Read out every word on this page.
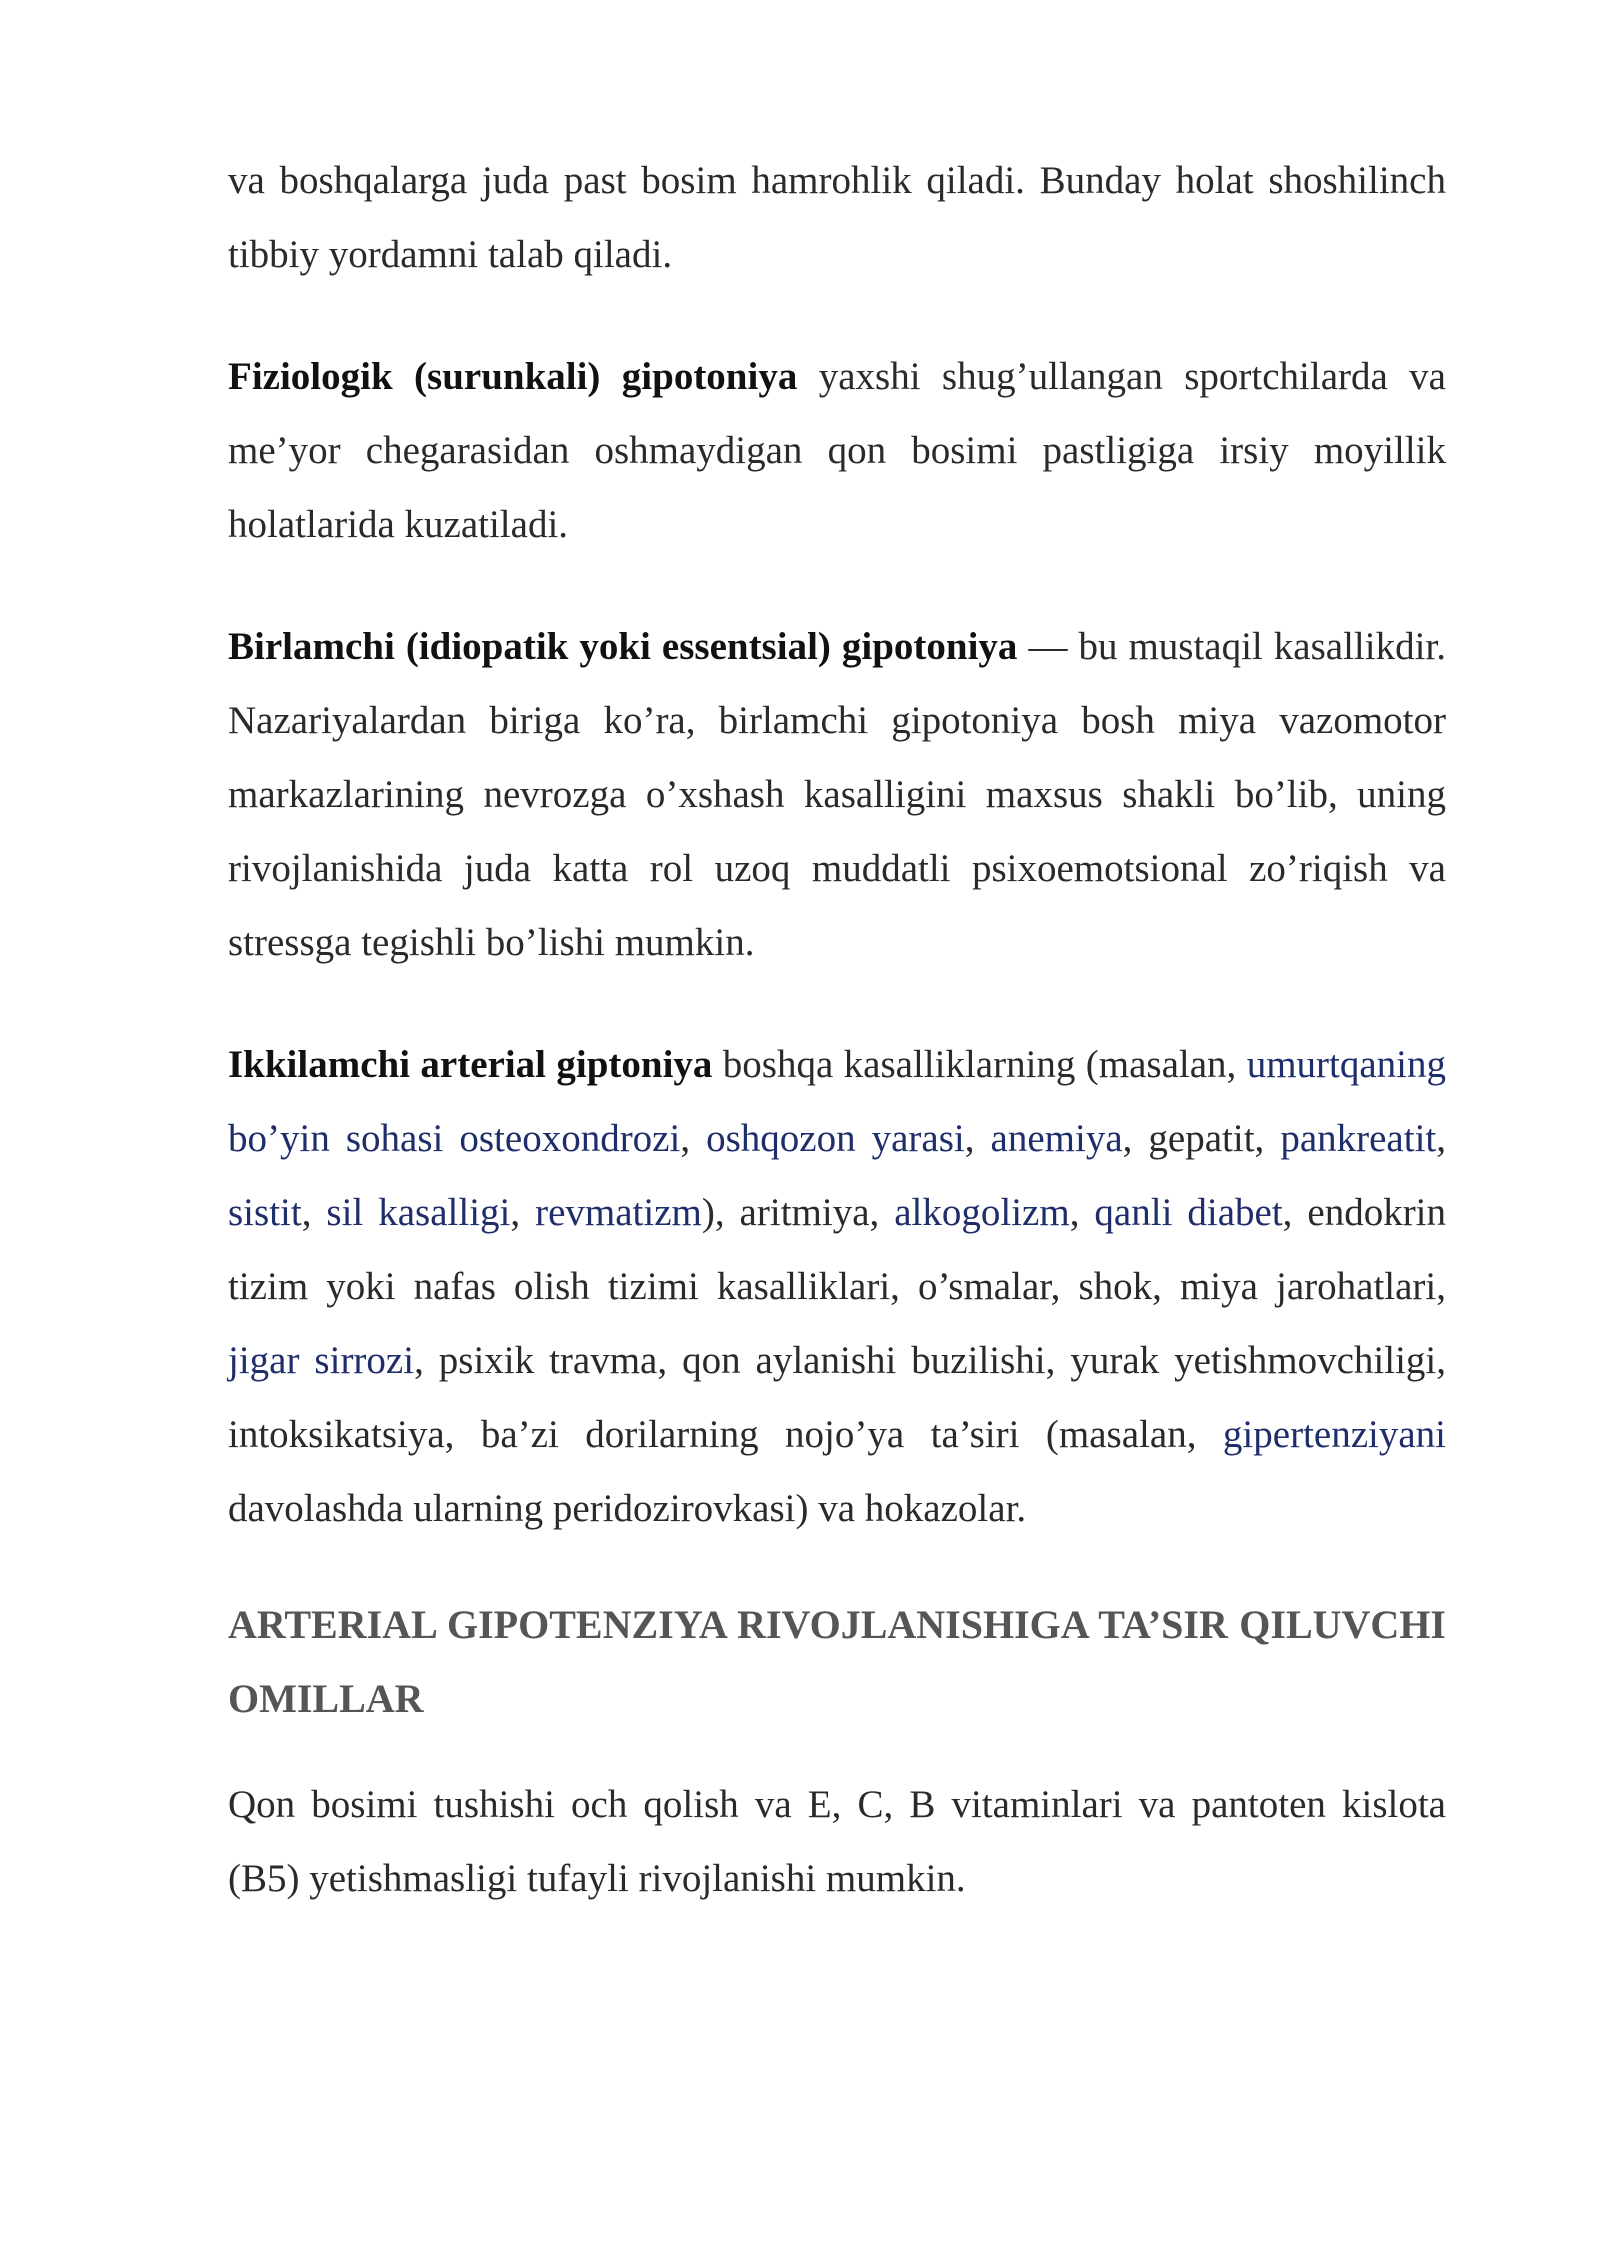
va boshqalarga juda past bosim hamrohlik qiladi. Bunday holat shoshilinch tibbiy yordamni talab qiladi.

Fiziologik (surunkali) gipotoniya yaxshi shug’ullangan sportchilarda va me’yor chegarasidan oshmaydigan qon bosimi pastligiga irsiy moyillik holatlarida kuzatiladi.

Birlamchi (idiopatik yoki essentsial) gipotoniya — bu mustaqil kasallikdir. Nazariyalardan biriga ko’ra, birlamchi gipotoniya bosh miya vazomotor markazlarining nevrozga o’xshash kasalligini maxsus shakli bo’lib, uning rivojlanishida juda katta rol uzoq muddatli psixoemotsional zo’riqish va stressga tegishli bo’lishi mumkin.

Ikkilamchi arterial giptoniya boshqa kasalliklarning (masalan, umurtqaning bo’yin sohasi osteoxondrozi, oshqozon yarasi, anemiya, gepatit, pankreatit, sistit, sil kasalligi, revmatizm), aritmiya, alkogolizm, qanli diabet, endokrin tizim yoki nafas olish tizimi kasalliklari, o’smalar, shok, miya jarohatlari, jigar sirrozi, psixik travma, qon aylanishi buzilishi, yurak yetishmovchiligi, intoksikatsiya, ba’zi dorilarning nojo’ya ta’siri (masalan, gipertenziyani davolashda ularning peridozirovkasi) va hokazolar.

ARTERIAL GIPOTENZIYA RIVOJLANISHIGA TA’SIR QILUVCHI OMILLAR

Qon bosimi tushishi och qolish va E, C, B vitaminlari va pantoten kislota (B5) yetishmasligi tufayli rivojlanishi mumkin.
